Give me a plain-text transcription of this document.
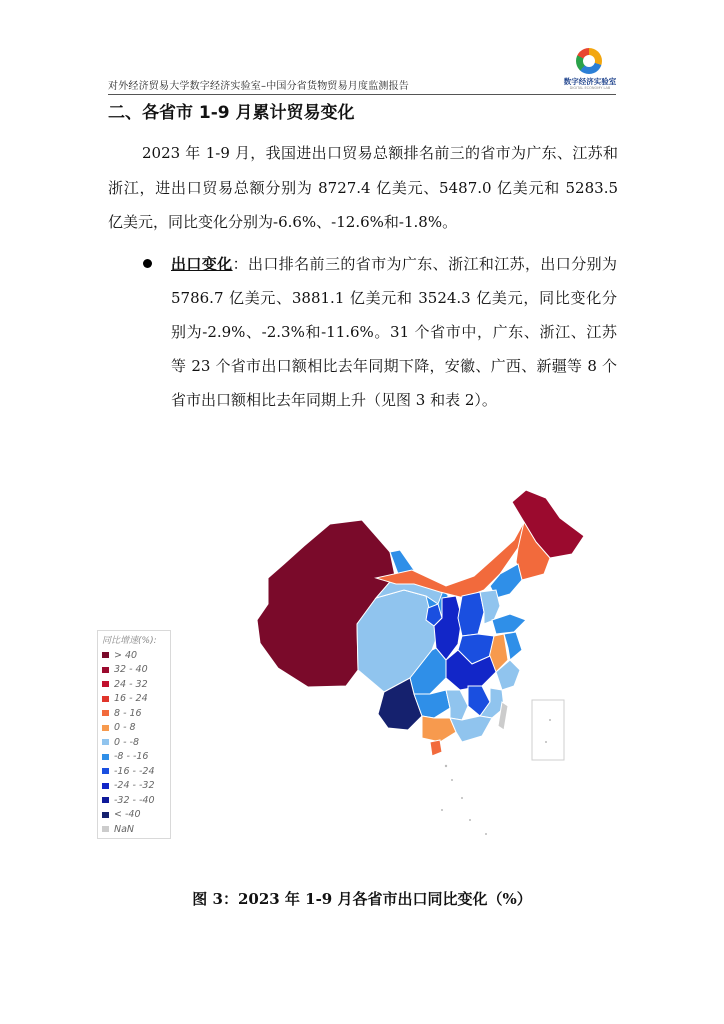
对外经济贸易大学数字经济实验室–中国分省货物贸易月度监测报告	数字经济实验室
DIGITAL ECONOMY LAB
二、各省市 1-9 月累计贸易变化
2023 年 1-9 月，我国进出口贸易总额排名前三的省市为广东、江苏和浙江，进出口贸易总额分别为 8727.4 亿美元、5487.0 亿美元和 5283.5 亿美元，同比变化分别为-6.6%、-12.6%和-1.8%。
出口变化：出口排名前三的省市为广东、浙江和江苏，出口分别为 5786.7 亿美元、3881.1 亿美元和 3524.3 亿美元，同比变化分别为-2.9%、-2.3%和-11.6%。31 个省市中，广东、浙江、江苏等 23 个省市出口额相比去年同期下降，安徽、广西、新疆等 8 个省市出口额相比去年同期上升（见图 3 和表 2）。
同比增速(%):
> 40
32 - 40
24 - 32
16 - 24
8 - 16
0 - 8
0 - -8
-8 - -16
-16 - -24
-24 - -32
-32 - -40
< -40
NaN
图 3：2023 年 1-9 月各省市出口同比变化（%）
